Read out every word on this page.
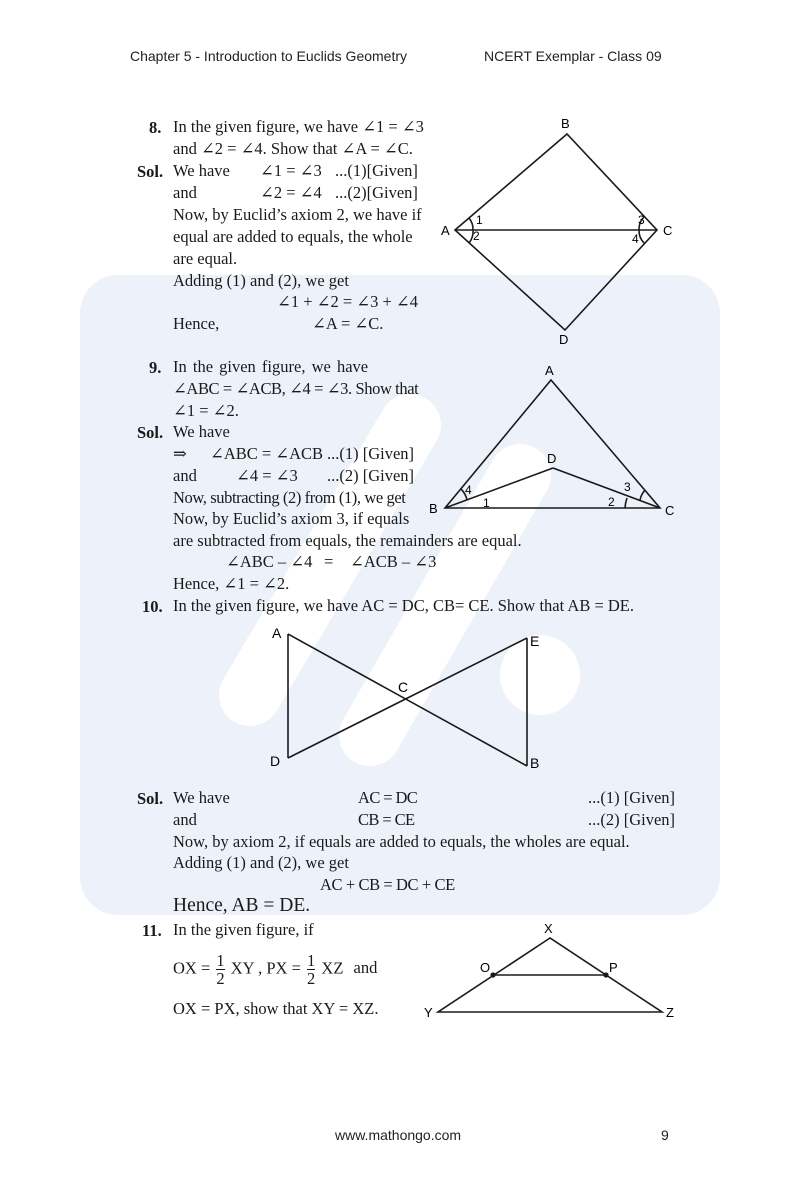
Chapter 5 - Introduction to Euclids Geometry	NCERT Exemplar - Class 09
8. In the given figure, we have ∠1 = ∠3
and ∠2 = ∠4. Show that ∠A = ∠C.
Sol. We have ∠1 = ∠3 ...(1)[Given]
and	∠2 = ∠4 ...(2)[Given]
Now, by Euclid’s axiom 2, we have if
equal are added to equals, the whole
are equal.
Adding (1) and (2), we get
∠1 + ∠2 = ∠3 + ∠4
Hence,	∠A = ∠C.
B
A	C
D
1
2
3
4
9. In the given figure, we have
∠ABC = ∠ACB, ∠4 = ∠3. Show that
∠1 = ∠2.
Sol. We have
⇒ ∠ABC = ∠ACB ...(1) [Given]
and ∠4 = ∠3 ...(2) [Given]
Now, subtracting (2) from (1), we get
Now, by Euclid’s axiom 3, if equals
are subtracted from equals, the remainders are equal.
∠ABC – ∠4 = ∠ACB – ∠3
Hence, ∠1 = ∠2.
A
B	C
D
4
1	2
3
10. In the given figure, we have AC = DC, CB= CE. Show that AB = DE.
A	E
C
D	B
Sol. We have	AC = DC	...(1) [Given]
and	CB = CE	...(2) [Given]
Now, by axiom 2, if equals are added to equals, the wholes are equal.
Adding (1) and (2), we get
AC + CB = DC + CE
Hence, AB = DE.
11. In the given figure, if
OX = $\frac{1}{2}$ XY , PX = $\frac{1}{2}$ XZ and
OX = PX, show that XY = XZ.
X
O	P
Y	Z
www.mathongo.com	9
